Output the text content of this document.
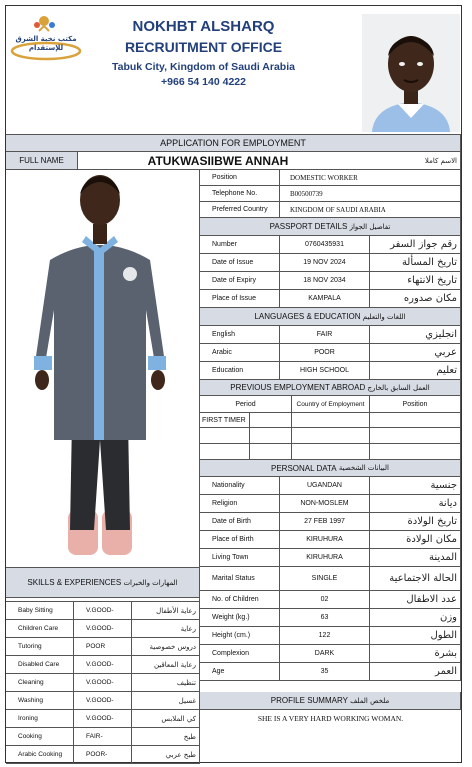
مكتب نخبة الشرق للإستقدام
NOKHBT ALSHARQ
RECRUITMENT OFFICE
Tabuk City, Kingdom of Saudi Arabia
+966 54 140 4222
APPLICATION FOR EMPLOYMENT
FULL NAME	ATUKWASIIBWE ANNAH	الاسم كاملا
PASSPORT DETAILS
تفاصيل الجواز
LANGUAGES & EDUCATION
اللغات والتعليم
PREVIOUS EMPLOYMENT ABROAD
العمل السابق بالخارج
Period	Country of Employment	Position
FIRST TIMER
PERSONAL DATA
البيانات الشخصية
SKILLS & EXPERIENCES
المهارات والخبرات
PROFILE SUMMARY
ملخص الملف
SHE IS A VERY HARD WORKING WOMAN.
Position	DOMESTIC WORKER
Telephone No.	B00500739
Preferred Country	KINGDOM OF SAUDI ARABIA
Number	0760435931	رقم جواز السفر
Date of Issue	19 NOV 2024	تاريخ المسألة
Date of Expiry	18 NOV 2034	تاريخ الانتهاء
Place of Issue	KAMPALA	مكان صدوره
English	FAIR	انجليزي
Arabic	POOR	عربي
Education	HIGH SCHOOL	تعليم
Nationality	UGANDAN	جنسية
Religion	NON-MOSLEM	ديانة
Date of Birth	27 FEB 1997	تاريخ الولادة
Place of Birth	KIRUHURA	مكان الولادة
Living Town	KIRUHURA	المدينة
Marital Status	SINGLE	الحالة الاجتماعية
No. of Children	02	عدد الاطفال
Weight (kg.)	63	وزن
Height (cm.)	122	الطول
Complexion	DARK	بشرة
Age	35	العمر
Baby Sitting	V.GOOD-	رعاية الأطفال
Children Care	V.GOOD-	رعاية
Tutoring	POOR	دروس خصوصية
Disabled Care	V.GOOD-	رعاية المعاقين
Cleaning	V.GOOD-	تنظيف
Washing	V.GOOD-	غسيل
Ironing	V.GOOD-	كي الملابس
Cooking	FAIR-	طبخ
Arabic Cooking	POOR-	طبخ عربي
